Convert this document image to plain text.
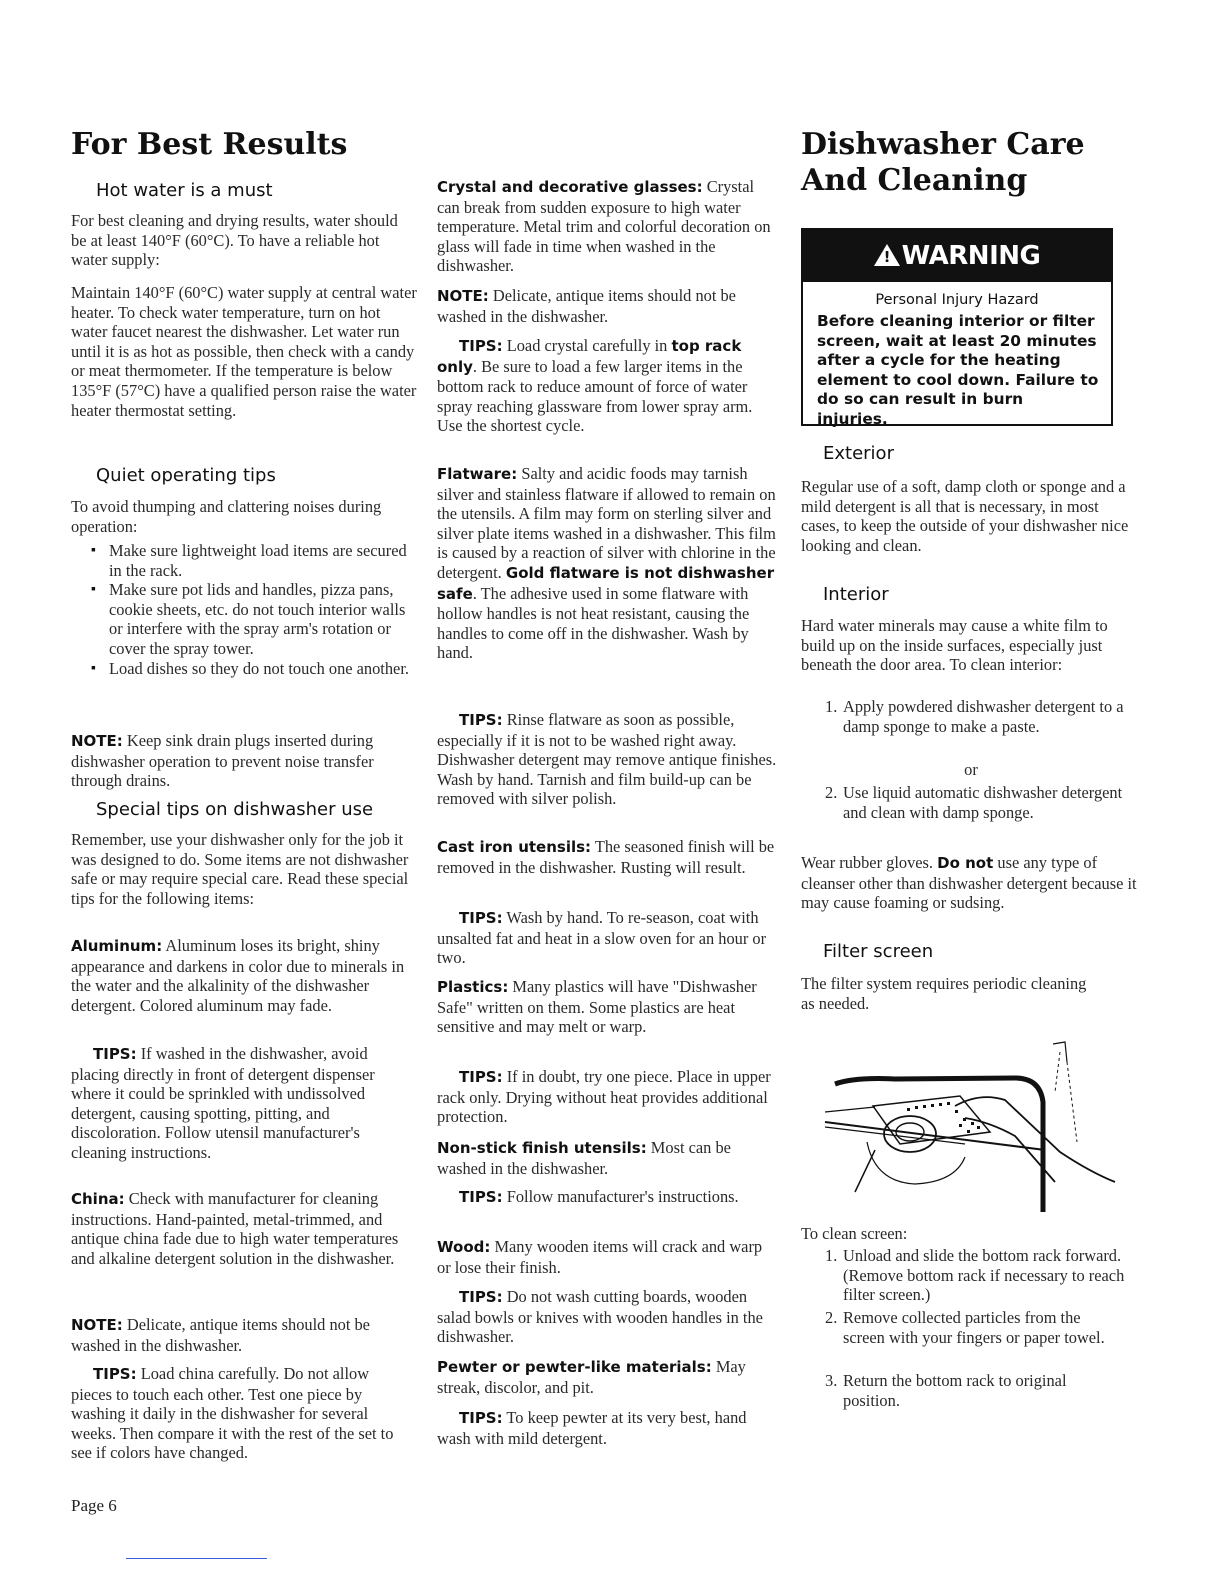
For Best Results
Hot water is a must

For best cleaning and drying results, water should be at least 140°F (60°C). To have a reliable hot water supply:

Maintain 140°F (60°C) water supply at central water heater. To check water temperature, turn on hot water faucet nearest the dishwasher. Let water run until it is as hot as possible, then check with a candy or meat thermometer. If the temperature is below 135°F (57°C) have a qualified person raise the water heater thermostat setting.

Quiet operating tips

To avoid thumping and clattering noises during operation:

▪ Make sure lightweight load items are secured in the rack.
▪ Make sure pot lids and handles, pizza pans, cookie sheets, etc. do not touch interior walls or interfere with the spray arm's rotation or cover the spray tower.
▪ Load dishes so they do not touch one another.

NOTE: Keep sink drain plugs inserted during dishwasher operation to prevent noise transfer through drains.

Special tips on dishwasher use

Remember, use your dishwasher only for the job it was designed to do. Some items are not dishwasher safe or may require special care. Read these special tips for the following items:

Aluminum: Aluminum loses its bright, shiny appearance and darkens in color due to minerals in the water and the alkalinity of the dishwasher detergent. Colored aluminum may fade.

TIPS: If washed in the dishwasher, avoid placing directly in front of detergent dispenser where it could be sprinkled with undissolved detergent, causing spotting, pitting, and discoloration. Follow utensil manufacturer's cleaning instructions.

China: Check with manufacturer for cleaning instructions. Hand-painted, metal-trimmed, and antique china fade due to high water temperatures and alkaline detergent solution in the dishwasher.

NOTE: Delicate, antique items should not be washed in the dishwasher.

TIPS: Load china carefully. Do not allow pieces to touch each other. Test one piece by washing it daily in the dishwasher for several weeks. Then compare it with the rest of the set to see if colors have changed.

Page 6

Crystal and decorative glasses: Crystal can break from sudden exposure to high water temperature. Metal trim and colorful decoration on glass will fade in time when washed in the dishwasher.

NOTE: Delicate, antique items should not be washed in the dishwasher.

TIPS: Load crystal carefully in top rack only. Be sure to load a few larger items in the bottom rack to reduce amount of force of water spray reaching glassware from lower spray arm. Use the shortest cycle.

Flatware: Salty and acidic foods may tarnish silver and stainless flatware if allowed to remain on the utensils. A film may form on sterling silver and silver plate items washed in a dishwasher. This film is caused by a reaction of silver with chlorine in the detergent. Gold flatware is not dishwasher safe. The adhesive used in some flatware with hollow handles is not heat resistant, causing the handles to come off in the dishwasher. Wash by hand.

TIPS: Rinse flatware as soon as possible, especially if it is not to be washed right away. Dishwasher detergent may remove antique finishes. Wash by hand. Tarnish and film build-up can be removed with silver polish.

Cast iron utensils: The seasoned finish will be removed in the dishwasher. Rusting will result.

TIPS: Wash by hand. To re-season, coat with unsalted fat and heat in a slow oven for an hour or two.

Plastics: Many plastics will have "Dishwasher Safe" written on them. Some plastics are heat sensitive and may melt or warp.

TIPS: If in doubt, try one piece. Place in upper rack only. Drying without heat provides additional protection.

Non-stick finish utensils: Most can be washed in the dishwasher.

TIPS: Follow manufacturer's instructions.

Wood: Many wooden items will crack and warp or lose their finish.

TIPS: Do not wash cutting boards, wooden salad bowls or knives with wooden handles in the dishwasher.

Pewter or pewter-like materials: May streak, discolor, and pit.

TIPS: To keep pewter at its very best, hand wash with mild detergent.

Dishwasher Care
And Cleaning
!
WARNING
Personal Injury Hazard
Before cleaning interior or filter screen, wait at least 20 minutes after a cycle for the heating element to cool down. Failure to do so can result in burn injuries.
Exterior

Regular use of a soft, damp cloth or sponge and a mild detergent is all that is necessary, in most cases, to keep the outside of your dishwasher nice looking and clean.

Interior

Hard water minerals may cause a white film to build up on the inside surfaces, especially just beneath the door area. To clean interior:

1. Apply powdered dishwasher detergent to a damp sponge to make a paste.
or
2. Use liquid automatic dishwasher detergent and clean with damp sponge.

Wear rubber gloves. Do not use any type of cleanser other than dishwasher detergent because it may cause foaming or sudsing.

Filter screen

The filter system requires periodic cleaning as needed.

To clean screen:

1. Unload and slide the bottom rack forward. (Remove bottom rack if necessary to reach filter screen.)
2. Remove collected particles from the screen with your fingers or paper towel.
3. Return the bottom rack to original position.
